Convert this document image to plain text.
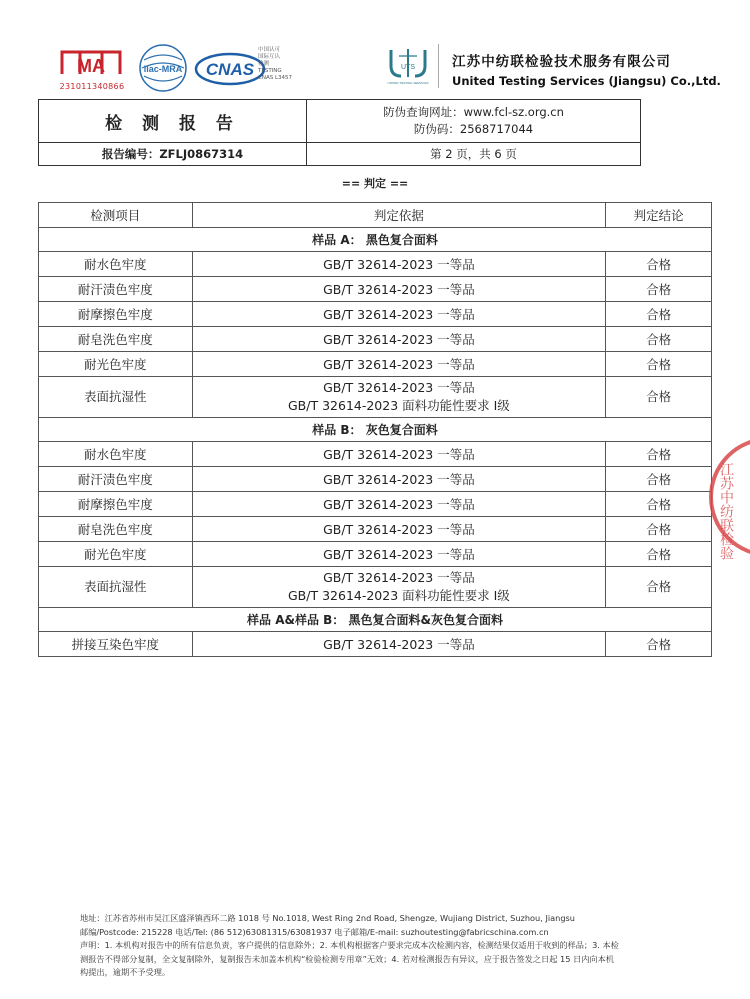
MA
231011340866
ilac-MRA CNAS
中国认可
国际互认
检测
TESTING
CNAS L3457
UTS
UNITED TESTING SERVICES
江苏中纺联检验技术服务有限公司
United Testing Services (Jiangsu) Co.,Ltd.
检 测 报 告	防伪查询网址：www.fcl-sz.org.cn
防伪码：2568717044

报告编号：ZFLJ0867314	第 2 页，共 6 页
== 判定 ==
检测项目	判定依据	判定结论
样品 A： 黑色复合面料		
耐水色牢度	GB/T 32614-2023 一等品	合格
耐汗渍色牢度	GB/T 32614-2023 一等品	合格
耐摩擦色牢度	GB/T 32614-2023 一等品	合格
耐皂洗色牢度	GB/T 32614-2023 一等品	合格
耐光色牢度	GB/T 32614-2023 一等品	合格
表面抗湿性	GB/T 32614-2023 一等品
GB/T 32614-2023 面料功能性要求 Ⅰ级	合格
样品 B： 灰色复合面料		
耐水色牢度	GB/T 32614-2023 一等品	合格
耐汗渍色牢度	GB/T 32614-2023 一等品	合格
耐摩擦色牢度	GB/T 32614-2023 一等品	合格
耐皂洗色牢度	GB/T 32614-2023 一等品	合格
耐光色牢度	GB/T 32614-2023 一等品	合格
表面抗湿性	GB/T 32614-2023 一等品
GB/T 32614-2023 面料功能性要求 Ⅰ级	合格
样品 A&样品 B： 黑色复合面料&灰色复合面料		
拼接互染色牢度	GB/T 32614-2023 一等品	合格
江苏中纺联检验
地址：江苏省苏州市吴江区盛泽镇西环二路 1018 号 No.1018, West Ring 2nd Road, Shengze, Wujiang District, Suzhou, Jiangsu
邮编/Postcode: 215228 电话/Tel: (86 512)63081315/63081937 电子邮箱/E-mail: suzhoutesting@fabricschina.com.cn
声明：1. 本机构对报告中的所有信息负责，客户提供的信息除外；2. 本机构根据客户要求完成本次检测内容，检测结果仅适用于收到的样品；3. 本检
测报告不得部分复制，全文复制除外，复制报告未加盖本机构“检验检测专用章”无效；4. 若对检测报告有异议，应于报告签发之日起 15 日内向本机
构提出，逾期不予受理。
